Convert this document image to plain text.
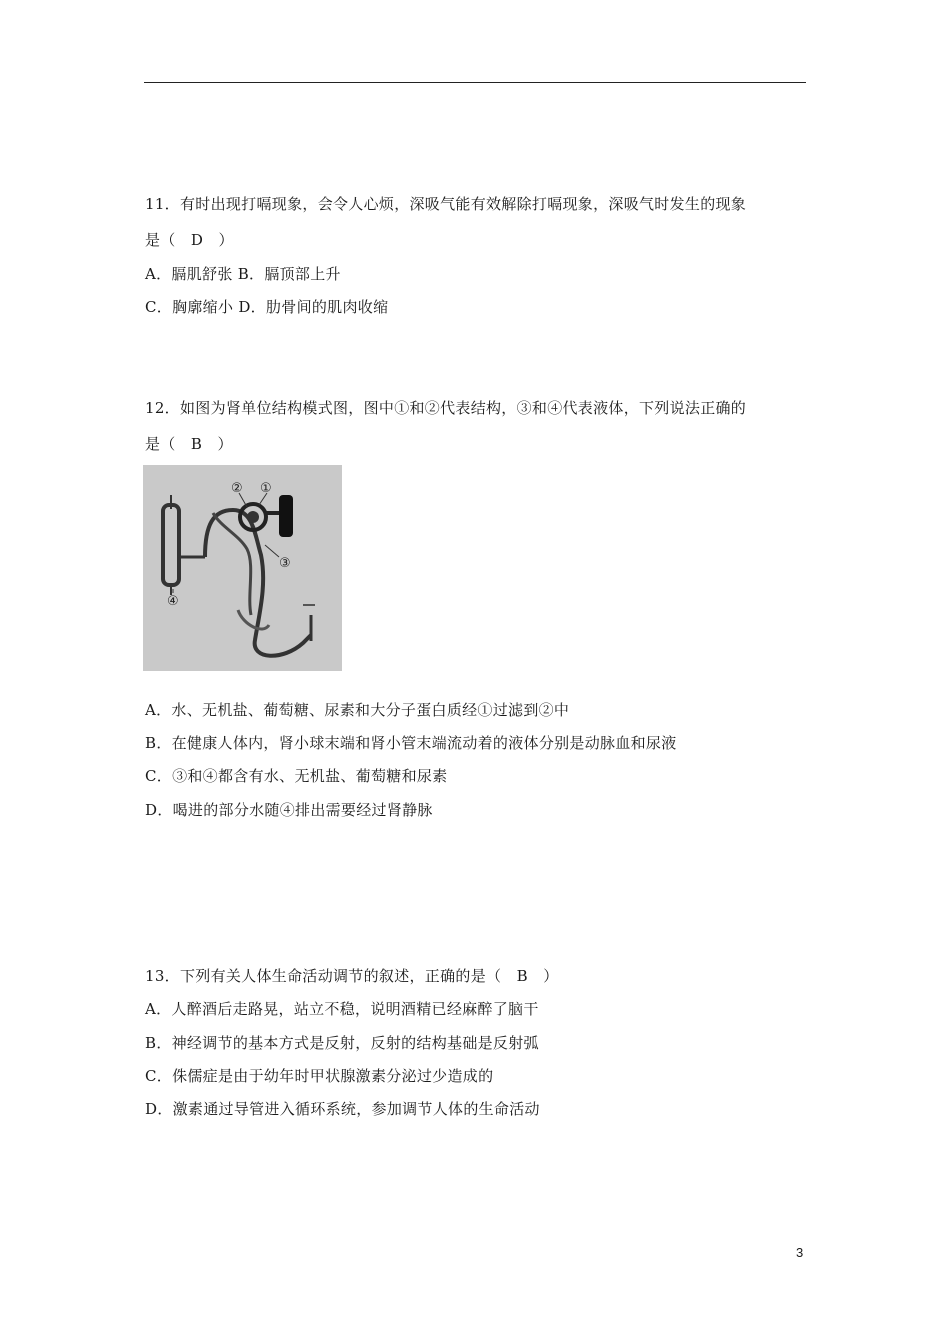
11．有时出现打嗝现象，会令人心烦，深吸气能有效解除打嗝现象，深吸气时发生的现象
是（　D　）
A．膈肌舒张 B．膈顶部上升
C．胸廓缩小 D．肋骨间的肌肉收缩
12．如图为肾单位结构模式图，图中①和②代表结构，③和④代表液体，下列说法正确的
是（　B　）
② ①
③
④
A．水、无机盐、葡萄糖、尿素和大分子蛋白质经①过滤到②中
B．在健康人体内，肾小球末端和肾小管末端流动着的液体分别是动脉血和尿液
C．③和④都含有水、无机盐、葡萄糖和尿素
D．喝进的部分水随④排出需要经过肾静脉
13．下列有关人体生命活动调节的叙述，正确的是（　B　）
A．人醉酒后走路晃，站立不稳，说明酒精已经麻醉了脑干
B．神经调节的基本方式是反射，反射的结构基础是反射弧
C．侏儒症是由于幼年时甲状腺激素分泌过少造成的
D．激素通过导管进入循环系统，参加调节人体的生命活动
3
